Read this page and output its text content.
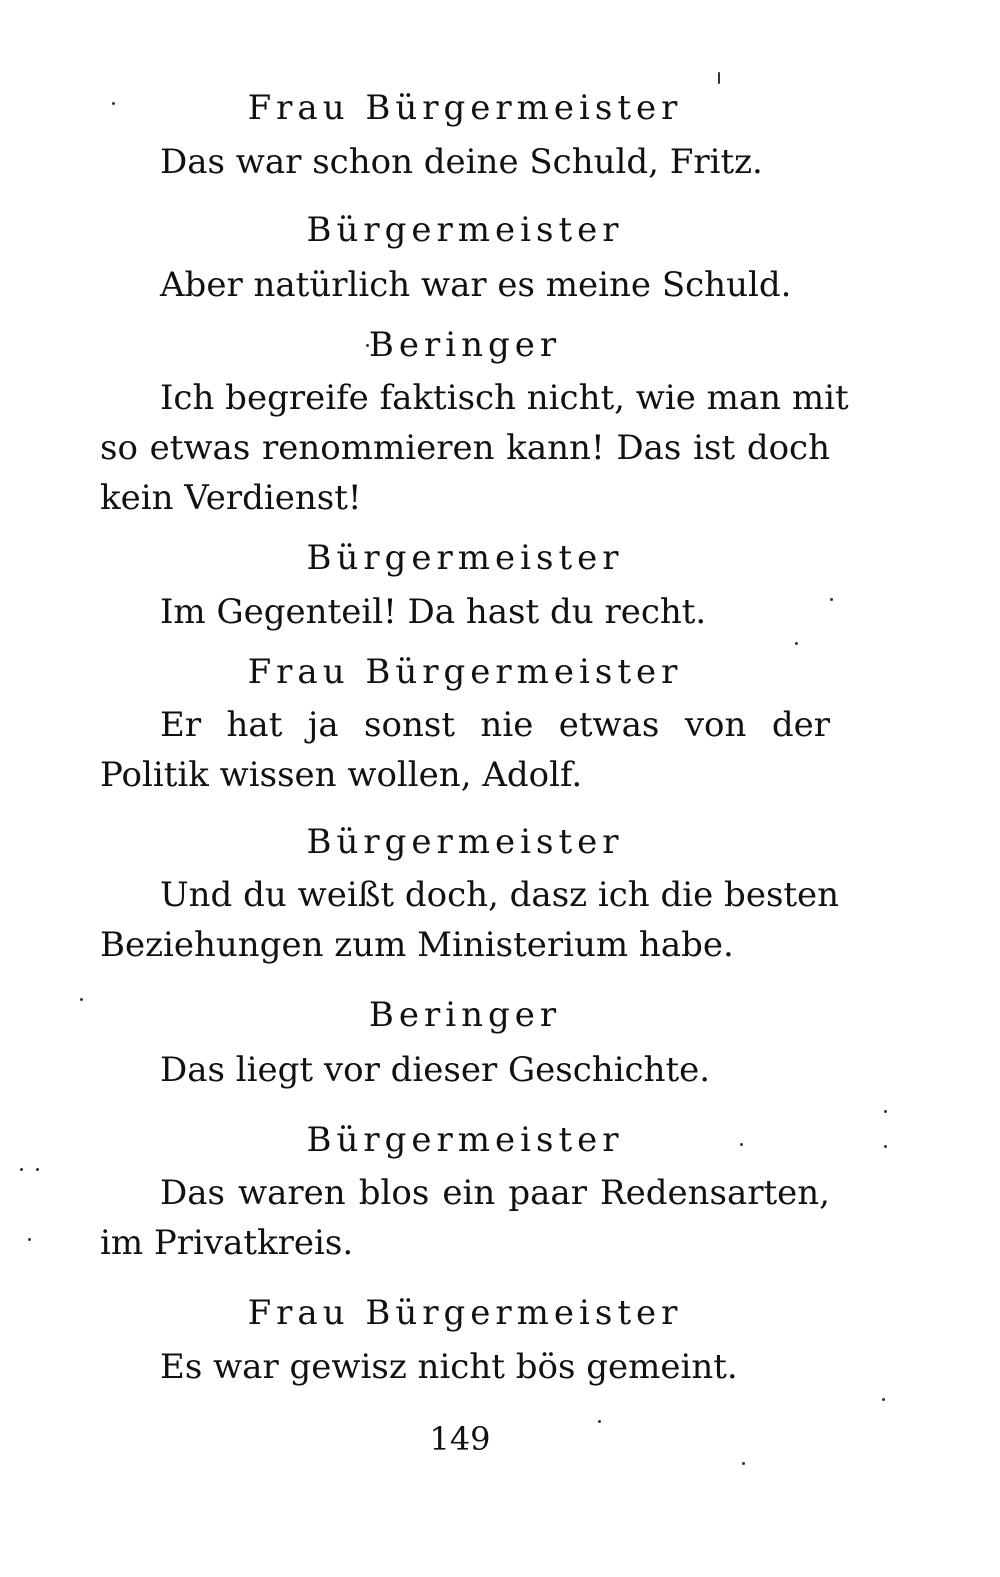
Frau Bürgermeister
Das war schon deine Schuld, Fritz.
Bürgermeister
Aber natürlich war es meine Schuld.
Beringer
Ich begreife faktisch nicht, wie man mit
so etwas renommieren kann! Das ist doch
kein Verdienst!
Bürgermeister
Im Gegenteil! Da hast du recht.
Frau Bürgermeister
Er hat ja sonst nie etwas von der
Politik wissen wollen, Adolf.
Bürgermeister
Und du weißt doch, dasz ich die besten
Beziehungen zum Ministerium habe.
Beringer
Das liegt vor dieser Geschichte.
Bürgermeister
Das waren blos ein paar Redensarten,
im Privatkreis.
Frau Bürgermeister
Es war gewisz nicht bös gemeint.
149
